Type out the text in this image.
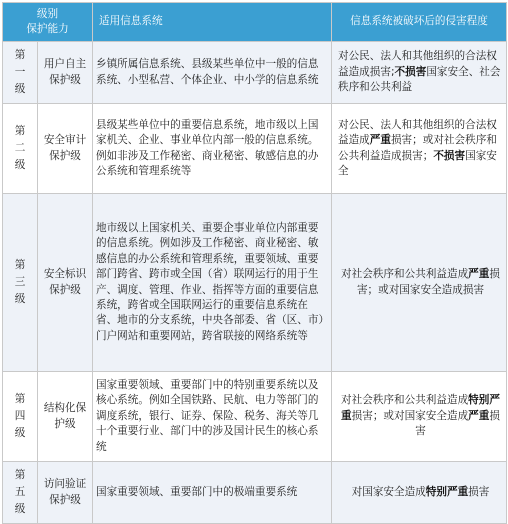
级别
保护能力		适用信息系统	信息系统被破坏后的侵害程度

第
一
级	用户自主保护级	乡镇所属信息系统、县级某些单位中一般的信息系统、小型私营、个体企业、中小学的信息系统	对公民、法人和其他组织的合法权益造成损害;不损害国家安全、社会秩序和公共利益

第
二
级	安全审计保护级	县级某些单位中的重要信息系统，地市级以上国家机关、企业、事业单位内部一般的信息系统。例如非涉及工作秘密、商业秘密、敏感信息的办公系统和管理系统等	对公民、法人和其他组织的合法权益造成严重损害；或对社会秩序和公共利益造成损害；不损害国家安全

第
三
级	安全标识保护级	地市级以上国家机关、重要企事业单位内部重要的信息系统。例如涉及工作秘密、商业秘密、敏感信息的办公系统和管理系统，重要领域、重要部门跨省、跨市或全国（省）联网运行的用于生产、调度、管理、作业、指挥等方面的重要信息系统，跨省或全国联网运行的重要信息系统在省、地市的分支系统，中央各部委、省（区、市）门户网站和重要网站，跨省联接的网络系统等	对社会秩序和公共利益造成严重损害；或对国家安全造成损害

第
四
级	结构化保护级	国家重要领域、重要部门中的特别重要系统以及核心系统。例如全国铁路、民航、电力等部门的调度系统，银行、证券、保险、税务、海关等几十个重要行业、部门中的涉及国计民生的核心系统	对社会秩序和公共利益造成特别严重损害；或对国家安全造成严重损害

第
五
级	访问验证保护级	国家重要领域、重要部门中的极端重要系统	对国家安全造成特别严重损害
